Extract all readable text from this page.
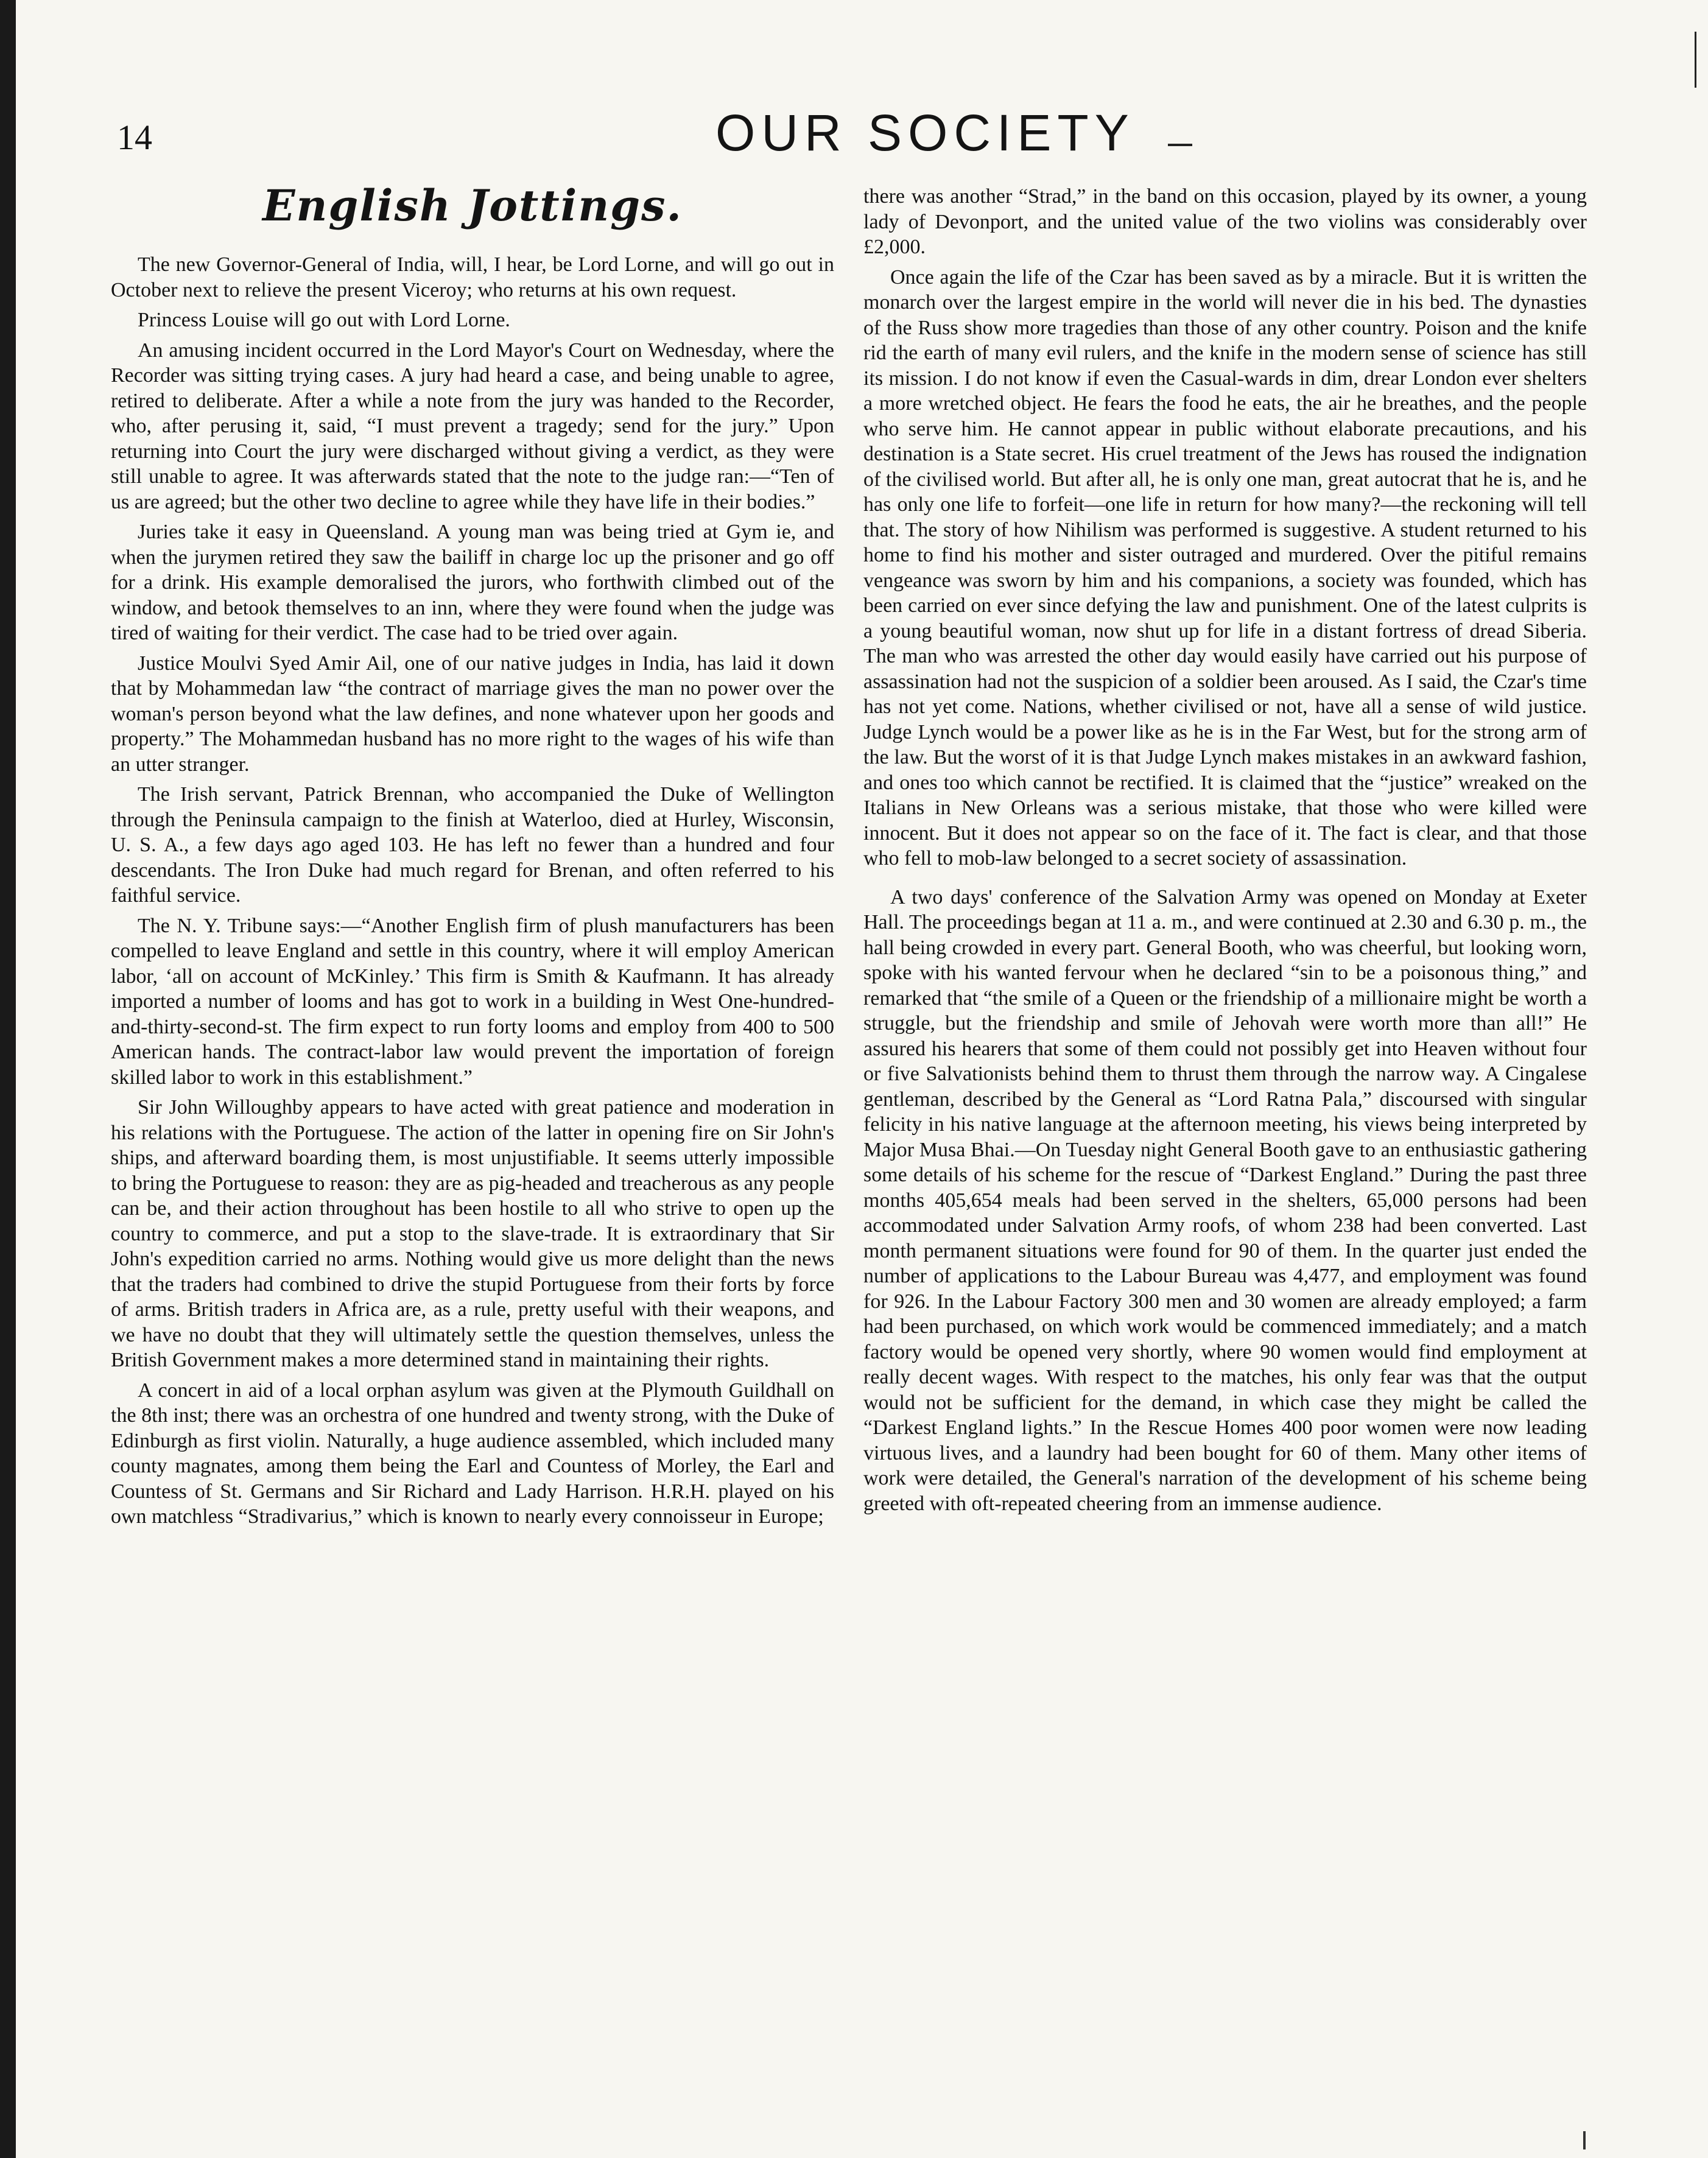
14	OUR SOCIETY
English Jottings.

The new Governor-General of India, will, I hear, be Lord Lorne, and will go out in October next to relieve the present Viceroy; who returns at his own request.

Princess Louise will go out with Lord Lorne.

An amusing incident occurred in the Lord Mayor's Court on Wednesday, where the Recorder was sitting trying cases. A jury had heard a case, and being unable to agree, retired to deliberate. After a while a note from the jury was handed to the Recorder, who, after perusing it, said, “I must prevent a tragedy; send for the jury.” Upon returning into Court the jury were discharged without giving a verdict, as they were still unable to agree. It was afterwards stated that the note to the judge ran:—“Ten of us are agreed; but the other two decline to agree while they have life in their bodies.”

Juries take it easy in Queensland. A young man was being tried at Gym ie, and when the jurymen retired they saw the bailiff in charge loc up the prisoner and go off for a drink. His example demoralised the jurors, who forthwith climbed out of the window, and betook themselves to an inn, where they were found when the judge was tired of waiting for their verdict. The case had to be tried over again.

Justice Moulvi Syed Amir Ail, one of our native judges in India, has laid it down that by Mohammedan law “the contract of marriage gives the man no power over the woman's person beyond what the law defines, and none whatever upon her goods and property.” The Mohammedan husband has no more right to the wages of his wife than an utter stranger.

The Irish servant, Patrick Brennan, who accompanied the Duke of Wellington through the Peninsula campaign to the finish at Waterloo, died at Hurley, Wisconsin, U. S. A., a few days ago aged 103. He has left no fewer than a hundred and four descendants. The Iron Duke had much regard for Brenan, and often referred to his faithful service.

The N. Y. Tribune says:—“Another English firm of plush manufacturers has been compelled to leave England and settle in this country, where it will employ American labor, ‘all on account of McKinley.’ This firm is Smith & Kaufmann. It has already imported a number of looms and has got to work in a building in West One-hundred-and-thirty-second-st. The firm expect to run forty looms and employ from 400 to 500 American hands. The contract-labor law would prevent the importation of foreign skilled labor to work in this establishment.”

Sir John Willoughby appears to have acted with great patience and moderation in his relations with the Portuguese. The action of the latter in opening fire on Sir John's ships, and afterward boarding them, is most unjustifiable. It seems utterly impossible to bring the Portuguese to reason: they are as pig-headed and treacherous as any people can be, and their action throughout has been hostile to all who strive to open up the country to commerce, and put a stop to the slave-trade. It is extraordinary that Sir John's expedition carried no arms. Nothing would give us more delight than the news that the traders had combined to drive the stupid Portuguese from their forts by force of arms. British traders in Africa are, as a rule, pretty useful with their weapons, and we have no doubt that they will ultimately settle the question themselves, unless the British Government makes a more determined stand in maintaining their rights.

A concert in aid of a local orphan asylum was given at the Plymouth Guildhall on the 8th inst; there was an orchestra of one hundred and twenty strong, with the Duke of Edinburgh as first violin. Naturally, a huge audience assembled, which included many county magnates, among them being the Earl and Countess of Morley, the Earl and Countess of St. Germans and Sir Richard and Lady Harrison. H.R.H. played on his own matchless “Stradivarius,” which is known to nearly every connoisseur in Europe;

there was another “Strad,” in the band on this occasion, played by its owner, a young lady of Devonport, and the united value of the two violins was considerably over £2,000.

Once again the life of the Czar has been saved as by a miracle. But it is written the monarch over the largest empire in the world will never die in his bed. The dynasties of the Russ show more tragedies than those of any other country. Poison and the knife rid the earth of many evil rulers, and the knife in the modern sense of science has still its mission. I do not know if even the Casual-wards in dim, drear London ever shelters a more wretched object. He fears the food he eats, the air he breathes, and the people who serve him. He cannot appear in public without elaborate precautions, and his destination is a State secret. His cruel treatment of the Jews has roused the indignation of the civilised world. But after all, he is only one man, great autocrat that he is, and he has only one life to forfeit—one life in return for how many?—the reckoning will tell that. The story of how Nihilism was performed is suggestive. A student returned to his home to find his mother and sister outraged and murdered. Over the pitiful remains vengeance was sworn by him and his companions, a society was founded, which has been carried on ever since defying the law and punishment. One of the latest culprits is a young beautiful woman, now shut up for life in a distant fortress of dread Siberia. The man who was arrested the other day would easily have carried out his purpose of assassination had not the suspicion of a soldier been aroused. As I said, the Czar's time has not yet come. Nations, whether civilised or not, have all a sense of wild justice. Judge Lynch would be a power like as he is in the Far West, but for the strong arm of the law. But the worst of it is that Judge Lynch makes mistakes in an awkward fashion, and ones too which cannot be rectified. It is claimed that the “justice” wreaked on the Italians in New Orleans was a serious mistake, that those who were killed were innocent. But it does not appear so on the face of it. The fact is clear, and that those who fell to mob-law belonged to a secret society of assassination.

A two days' conference of the Salvation Army was opened on Monday at Exeter Hall. The proceedings began at 11 a. m., and were continued at 2.30 and 6.30 p. m., the hall being crowded in every part. General Booth, who was cheerful, but looking worn, spoke with his wanted fervour when he declared “sin to be a poisonous thing,” and remarked that “the smile of a Queen or the friendship of a millionaire might be worth a struggle, but the friendship and smile of Jehovah were worth more than all!” He assured his hearers that some of them could not possibly get into Heaven without four or five Salvationists behind them to thrust them through the narrow way. A Cingalese gentleman, described by the General as “Lord Ratna Pala,” discoursed with singular felicity in his native language at the afternoon meeting, his views being interpreted by Major Musa Bhai.—On Tuesday night General Booth gave to an enthusiastic gathering some details of his scheme for the rescue of “Darkest England.” During the past three months 405,654 meals had been served in the shelters, 65,000 persons had been accommodated under Salvation Army roofs, of whom 238 had been converted. Last month permanent situations were found for 90 of them. In the quarter just ended the number of applications to the Labour Bureau was 4,477, and employment was found for 926. In the Labour Factory 300 men and 30 women are already employed; a farm had been purchased, on which work would be commenced immediately; and a match factory would be opened very shortly, where 90 women would find employment at really decent wages. With respect to the matches, his only fear was that the output would not be sufficient for the demand, in which case they might be called the “Darkest England lights.” In the Rescue Homes 400 poor women were now leading virtuous lives, and a laundry had been bought for 60 of them. Many other items of work were detailed, the General's narration of the development of his scheme being greeted with oft-repeated cheering from an immense audience.
